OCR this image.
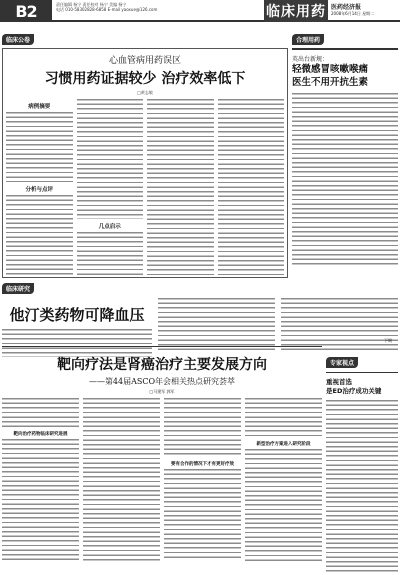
B2	责任编辑 杨宁 责任校对 杨宁 美编 杨宁
电话 010-58302828-6858 E-mail yaoxue@126.com	临床用药 医药经济报
2008年6月14日 星期二
临床公卷
心血管病用药误区
习惯用药证据较少 治疗效率低下
□黄志敏
病例摘要
分析与点评
几点启示
合理用药
英出台新规：
轻微感冒咳嗽喉痛
医生不用开抗生素
临床研究
他汀类药物可降血压
下期
靶向疗法是肾癌治疗主要发展方向
——第44届ASCO年会相关热点研究荟萃
□马建军 郭军
靶向治疗药物临床研究进展
要有合作的情况下才有更好疗效
新型治疗方案进入研究阶段
专家视点
重视首选
是ED治疗成功关键
